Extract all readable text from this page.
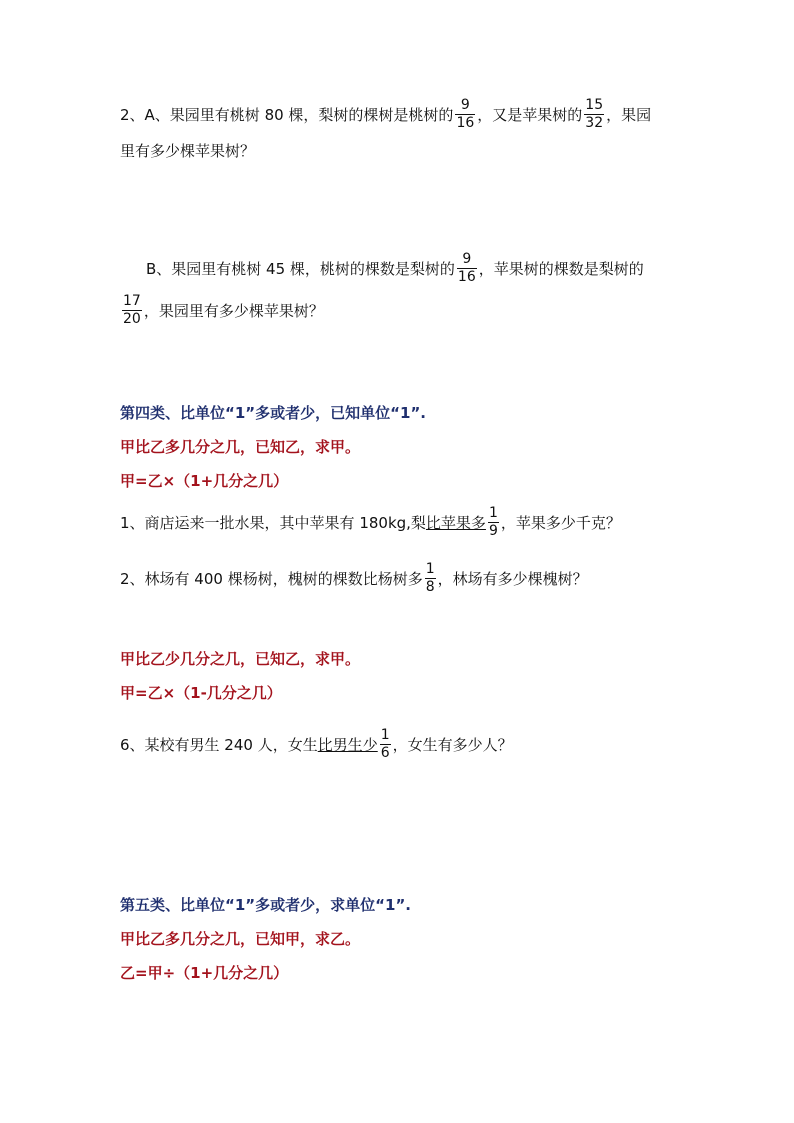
2、A、果园里有桃树 80 棵，梨树的棵树是桃树的 $\frac{9}{16}$ ，又是苹果树的 $\frac{15}{32}$ ，果园
里有多少棵苹果树？
B、果园里有桃树 45 棵，桃树的棵数是梨树的 $\frac{9}{16}$ ，苹果树的棵数是梨树的
$\frac{17}{20}$ ，果园里有多少棵苹果树？
第四类、比单位“1”多或者少，已知单位“1”.
甲比乙多几分之几，已知乙，求甲。
甲=乙×（1+几分之几）
1、商店运来一批水果，其中苹果有 180kg,梨 比苹果多 $\frac{1}{9}$ ，苹果多少千克？
2、林场有 400 棵杨树，槐树的棵数比杨树多 $\frac{1}{8}$ ，林场有多少棵槐树？
甲比乙少几分之几，已知乙，求甲。
甲=乙×（1-几分之几）
6、某校有男生 240 人，女生 比男生少 $\frac{1}{6}$ ，女生有多少人？
第五类、比单位“1”多或者少，求单位“1”.
甲比乙多几分之几，已知甲，求乙。
乙=甲÷（1+几分之几）
